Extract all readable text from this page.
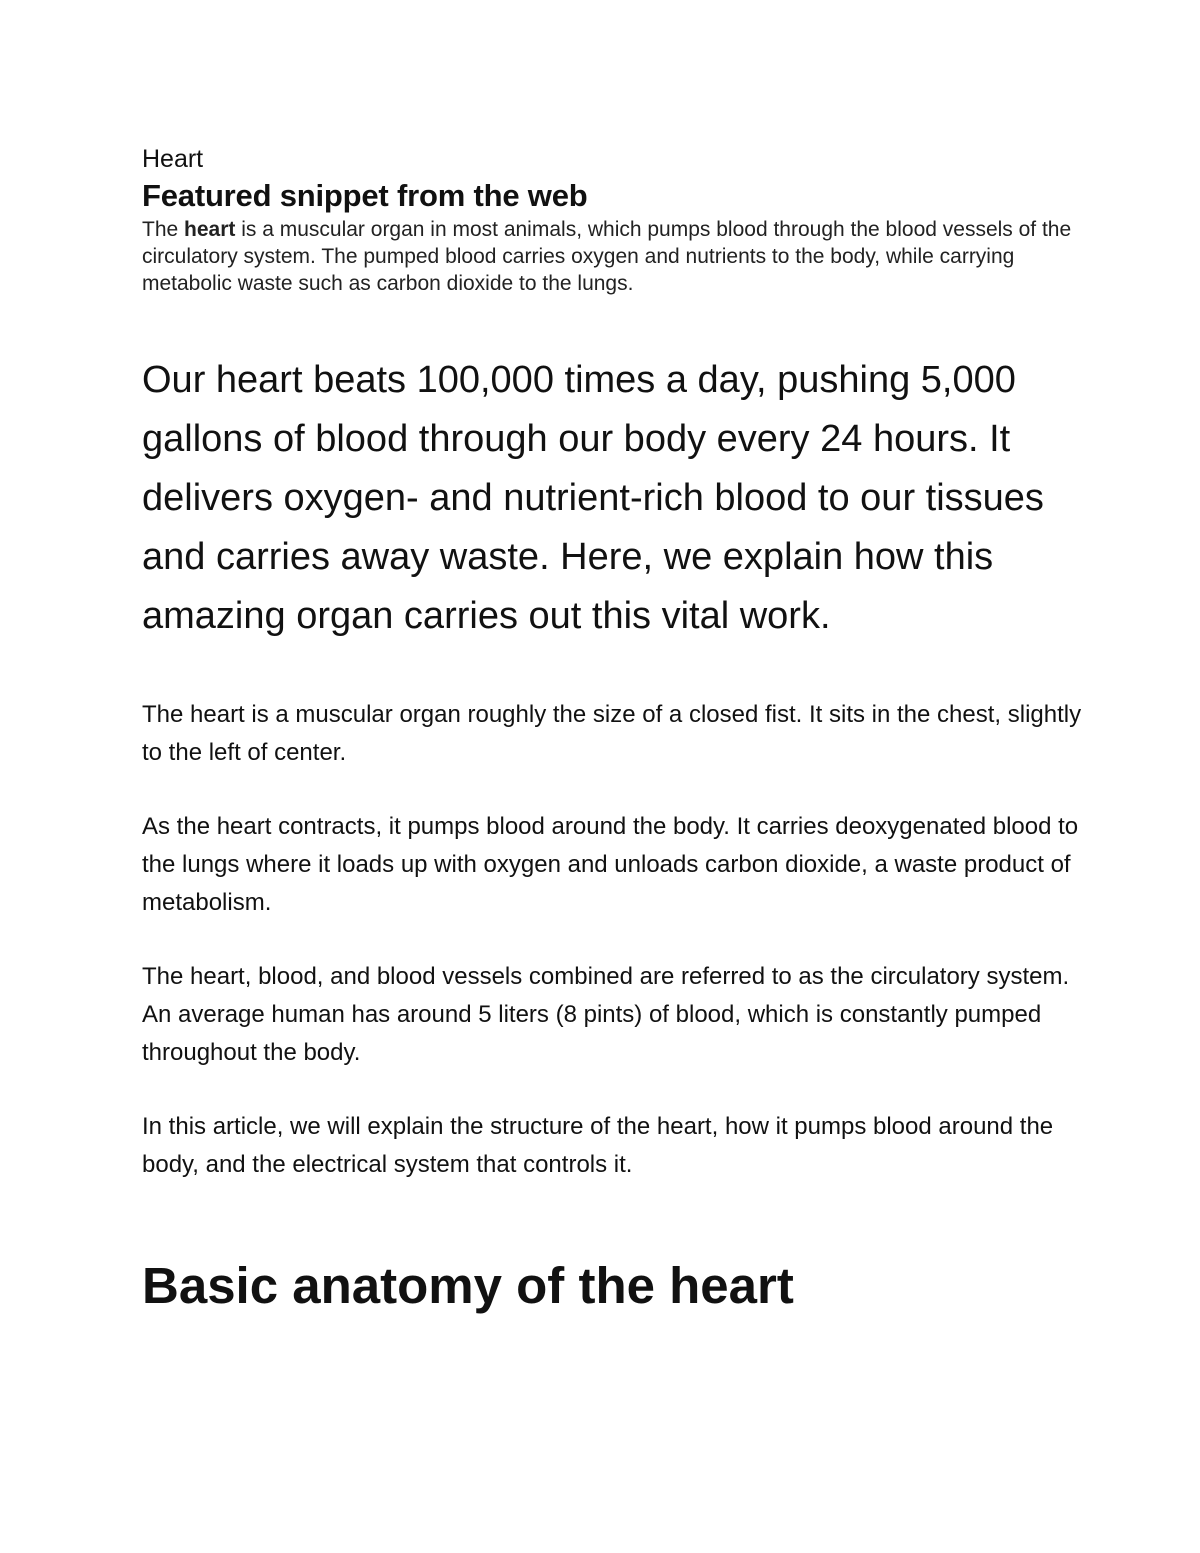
Heart
Featured snippet from the web

The heart is a muscular organ in most animals, which pumps blood through the blood vessels of the circulatory system. The pumped blood carries oxygen and nutrients to the body, while carrying metabolic waste such as carbon dioxide to the lungs.

Our heart beats 100,000 times a day, pushing 5,000 gallons of blood through our body every 24 hours. It delivers oxygen- and nutrient-rich blood to our tissues and carries away waste. Here, we explain how this amazing organ carries out this vital work.

The heart is a muscular organ roughly the size of a closed fist. It sits in the chest, slightly to the left of center.

As the heart contracts, it pumps blood around the body. It carries deoxygenated blood to the lungs where it loads up with oxygen and unloads carbon dioxide, a waste product of metabolism.

The heart, blood, and blood vessels combined are referred to as the circulatory system. An average human has around 5 liters (8 pints) of blood, which is constantly pumped throughout the body.

In this article, we will explain the structure of the heart, how it pumps blood around the body, and the electrical system that controls it.

Basic anatomy of the heart
